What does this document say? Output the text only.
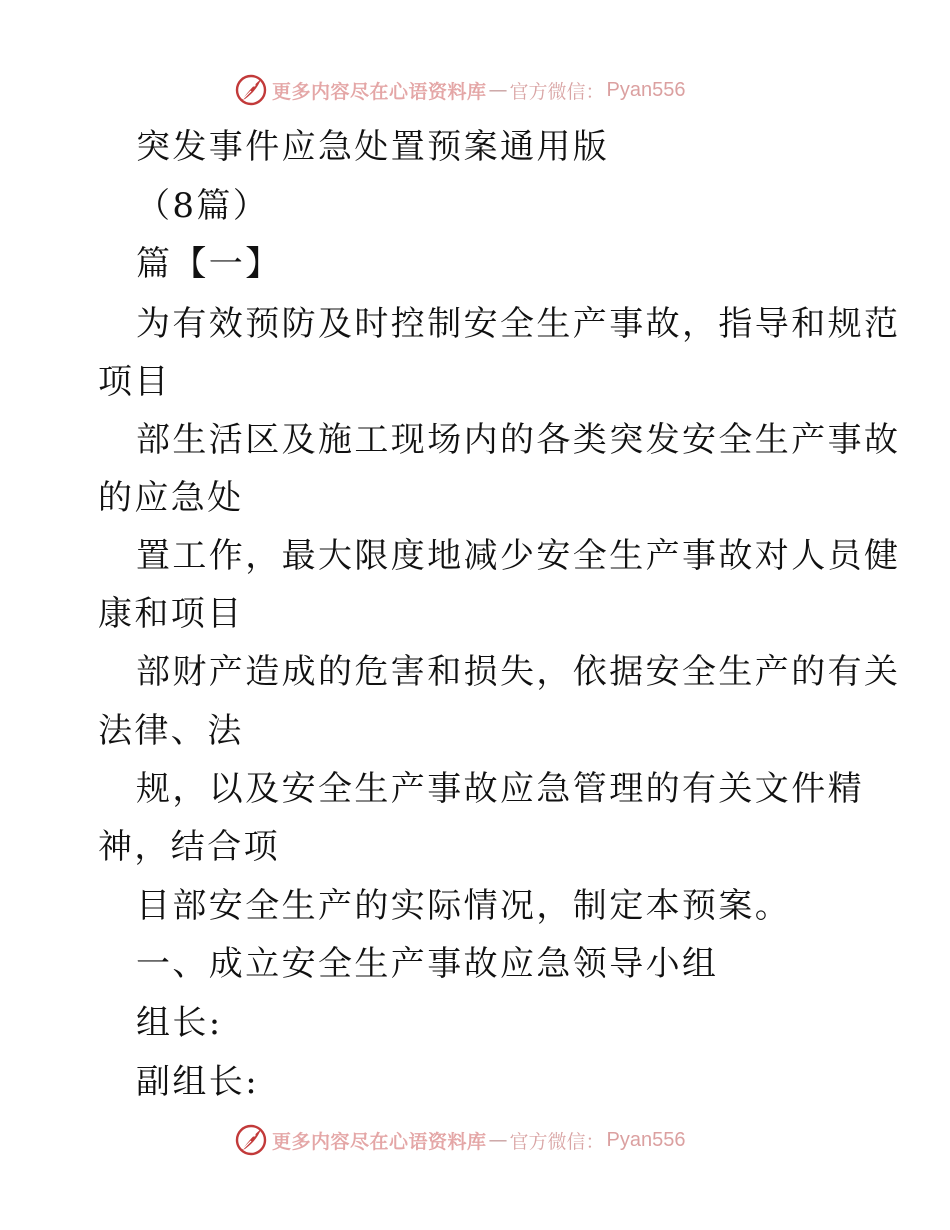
更多内容尽在心语资料库 — 官方微信： Pyan556
突发事件应急处置预案通用版
（8篇）
篇【一】
为有效预防及时控制安全生产事故，指导和规范
项目
部生活区及施工现场内的各类突发安全生产事故
的应急处
置工作，最大限度地减少安全生产事故对人员健
康和项目
部财产造成的危害和损失，依据安全生产的有关
法律、法
规，以及安全生产事故应急管理的有关文件精
神，结合项
目部安全生产的实际情况，制定本预案。
一、成立安全生产事故应急领导小组
组长:
副组长:
更多内容尽在心语资料库 — 官方微信： Pyan556
